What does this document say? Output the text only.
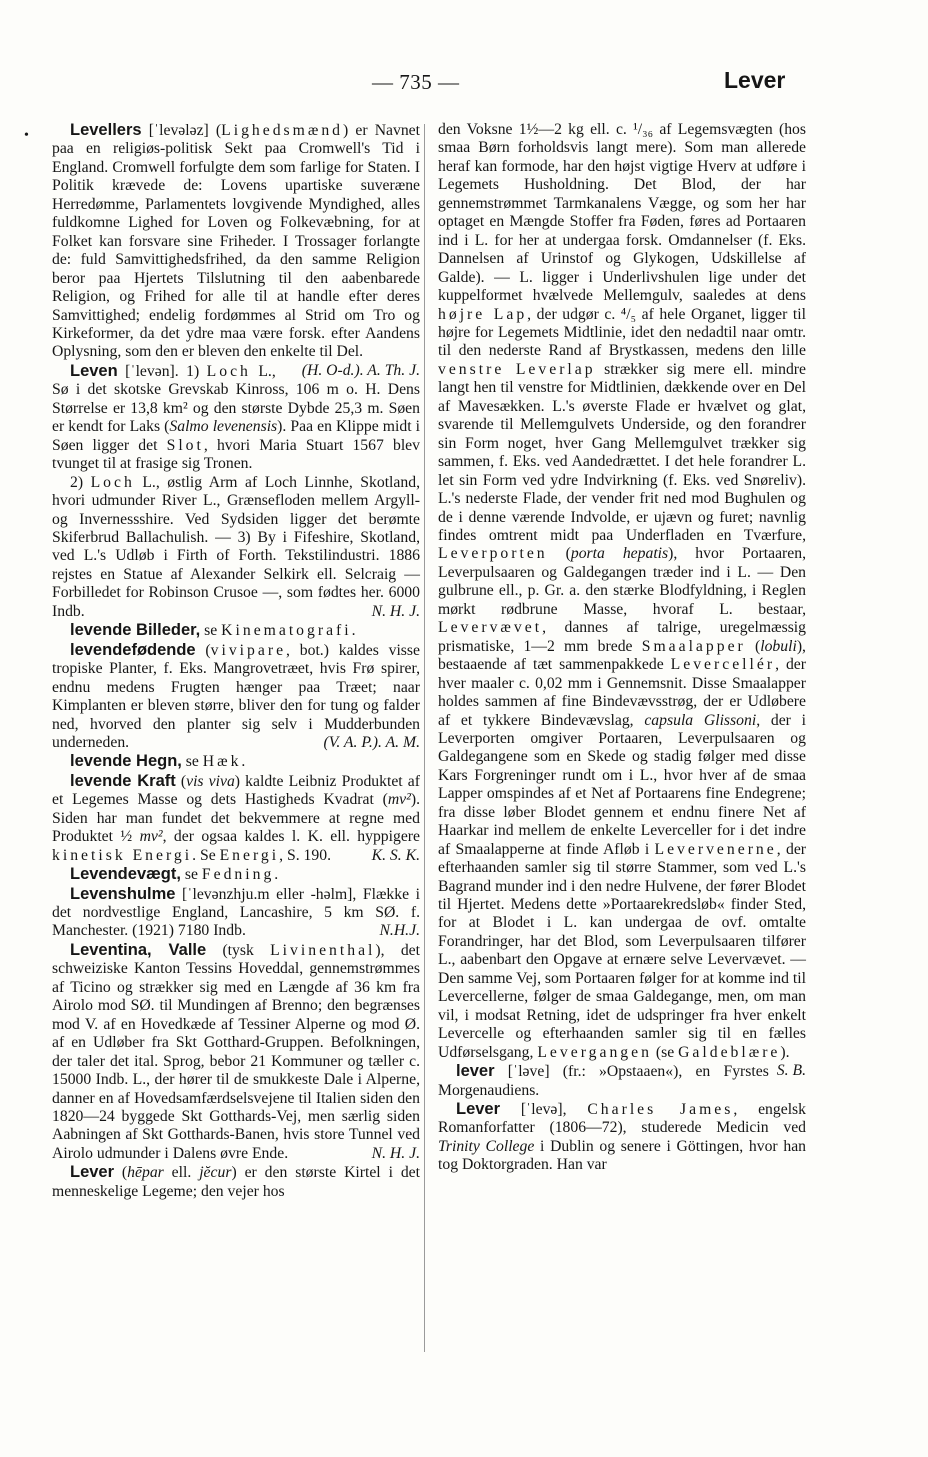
— 735 —	Lever
•	Levellers [ˈlevəlǝz] (Lighedsmænd) er Navnet paa en religiøs-politisk Sekt paa Cromwell's Tid i England. Cromwell forfulgte dem som farlige for Staten. I Politik krævede de: Lovens upartiske suveræne Herredømme, Parlamentets lovgivende Myndighed, alles fuldkomne Lighed for Loven og Folkevæbning, for at Folket kan forsvare sine Friheder. I Trossager forlangte de: fuld Samvittighedsfrihed, da den samme Religion beror paa Hjertets Tilslutning til den aabenbarede Religion, og Frihed for alle til at handle efter deres Samvittighed; endelig fordømmes al Strid om Tro og Kirkeformer, da det ydre maa være forsk. efter Aandens Oplysning, som den er bleven den enkelte til Del.
(H. O-d.). A. Th. J.

Leven [ˈlevən]. 1) Loch L., Sø i det skotske Grevskab Kinross, 106 m o. H. Dens Størrelse er 13,8 km² og den største Dybde 25,3 m. Søen er kendt for Laks (Salmo levenensis). Paa en Klippe midt i Søen ligger det Slot, hvori Maria Stuart 1567 blev tvunget til at frasige sig Tronen.

2) Loch L., østlig Arm af Loch Linnhe, Skotland, hvori udmunder River L., Grænsefloden mellem Argyll- og Invernessshire. Ved Sydsiden ligger det berømte Skiferbrud Ballachulish. — 3) By i Fifeshire, Skotland, ved L.'s Udløb i Firth of Forth. Tekstilindustri. 1886 rejstes en Statue af Alexander Selkirk ell. Selcraig — Forbilledet for Robinson Crusoe —, som fødtes her. 6000 Indb.	N. H. J.

levende Billeder, se Kinematografi.

levendefødende (vivipare, bot.) kaldes visse tropiske Planter, f. Eks. Mangrovetræet, hvis Frø spirer, endnu medens Frugten hænger paa Træet; naar Kimplanten er bleven større, bliver den for tung og falder ned, hvorved den planter sig selv i Mudderbunden underneden.	(V. A. P.). A. M.

levende Hegn, se Hæk.

levende Kraft (vis viva) kaldte Leibniz Produktet af et Legemes Masse og dets Hastigheds Kvadrat (mv²). Siden har man fundet det bekvemmere at regne med Produktet ½ mv², der ogsaa kaldes l. K. ell. hyppigere kinetisk Energi. Se Energi, S. 190.	K. S. K.

Levendevægt, se Fedning.

Levenshulme [ˈlevənzhju.m eller -hǝlm], Flække i det nordvestlige England, Lancashire, 5 km SØ. f. Manchester. (1921) 7180 Indb.	N.H.J.

Leventina, Valle (tysk Livinenthal), det schweiziske Kanton Tessins Hoveddal, gennemstrømmes af Ticino og strækker sig med en Længde af 36 km fra Airolo mod SØ. til Mundingen af Brenno; den begrænses mod V. af en Hovedkæde af Tessiner Alperne og mod Ø. af en Udløber fra Skt Gotthard-Gruppen. Befolkningen, der taler det ital. Sprog, bebor 21 Kommuner og tæller c. 15000 Indb. L., der hører til de smukkeste Dale i Alperne, danner en af Hovedsamfærdselsvejene til Italien siden den 1820—24 byggede Skt Gotthards-Vej, men særlig siden Aabningen af Skt Gotthards-Banen, hvis store Tunnel ved Airolo udmunder i Dalens øvre Ende.	N. H. J.

Lever (hēpar ell. jĕcur) er den største Kirtel i det menneskelige Legeme; den vejer hos

den Voksne 1½—2 kg ell. c. ¹/₃₆ af Legemsvægten (hos smaa Børn forholdsvis langt mere). Som man allerede heraf kan formode, har den højst vigtige Hverv at udføre i Legemets Husholdning. Det Blod, der har gennemstrømmet Tarmkanalens Vægge, og som her har optaget en Mængde Stoffer fra Føden, føres ad Portaaren ind i L. for her at undergaa forsk. Omdannelser (f. Eks. Dannelsen af Urinstof og Glykogen, Udskillelse af Galde). — L. ligger i Underlivshulen lige under det kuppelformet hvælvede Mellemgulv, saaledes at dens højre Lap, der udgør c. ⁴/₅ af hele Organet, ligger til højre for Legemets Midtlinie, idet den nedadtil naar omtr. til den nederste Rand af Brystkassen, medens den lille venstre Leverlap strækker sig mere ell. mindre langt hen til venstre for Midtlinien, dækkende over en Del af Mavesækken. L.'s øverste Flade er hvælvet og glat, svarende til Mellemgulvets Underside, og den forandrer sin Form noget, hver Gang Mellemgulvet trækker sig sammen, f. Eks. ved Aandedrættet. I det hele forandrer L. let sin Form ved ydre Indvirkning (f. Eks. ved Snøreliv). L.'s nederste Flade, der vender frit ned mod Bughulen og de i denne værende Indvolde, er ujævn og furet; navnlig findes omtrent midt paa Underfladen en Tværfure, Leverporten (porta hepatis), hvor Portaaren, Leverpulsaaren og Galdegangen træder ind i L. — Den gulbrune ell., p. Gr. a. den stærke Blodfyldning, i Reglen mørkt rødbrune Masse, hvoraf L. bestaar, Levervævet, dannes af talrige, uregelmæssig prismatiske, 1—2 mm brede Smaalapper (lobuli), bestaaende af tæt sammenpakkede Levercellér, der hver maaler c. 0,02 mm i Gennemsnit. Disse Smaalapper holdes sammen af fine Bindevævsstrøg, der er Udløbere af et tykkere Bindevævslag, capsula Glissoni, der i Leverporten omgiver Portaaren, Leverpulsaaren og Galdegangene som en Skede og stadig følger med disse Kars Forgreninger rundt om i L., hvor hver af de smaa Lapper omspindes af et Net af Portaarens fine Endegrene; fra disse løber Blodet gennem et endnu finere Net af Haarkar ind mellem de enkelte Leverceller for i det indre af Smaalapperne at finde Afløb i Levervenerne, der efterhaanden samler sig til større Stammer, som ved L.'s Bagrand munder ind i den nedre Hulvene, der fører Blodet til Hjertet. Medens dette »Portaarekredsløb« finder Sted, for at Blodet i L. kan undergaa de ovf. omtalte Forandringer, har det Blod, som Leverpulsaaren tilfører L., aabenbart den Opgave at ernære selve Levervævet. — Den samme Vej, som Portaaren følger for at komme ind til Levercellerne, følger de smaa Galdegange, men, om man vil, i modsat Retning, idet de udspringer fra hver enkelt Levercelle og efterhaanden samler sig til en fælles Udførselsgang, Levergangen (se Galdeblære).
S. B.

lever [ˈləve] (fr.: »Opstaaen«), en Fyrstes Morgenaudiens.

Lever [ˈlevə], Charles James, engelsk Romanforfatter (1806—72), studerede Medicin ved Trinity College i Dublin og senere i Göttingen, hvor han tog Doktorgraden. Han var
